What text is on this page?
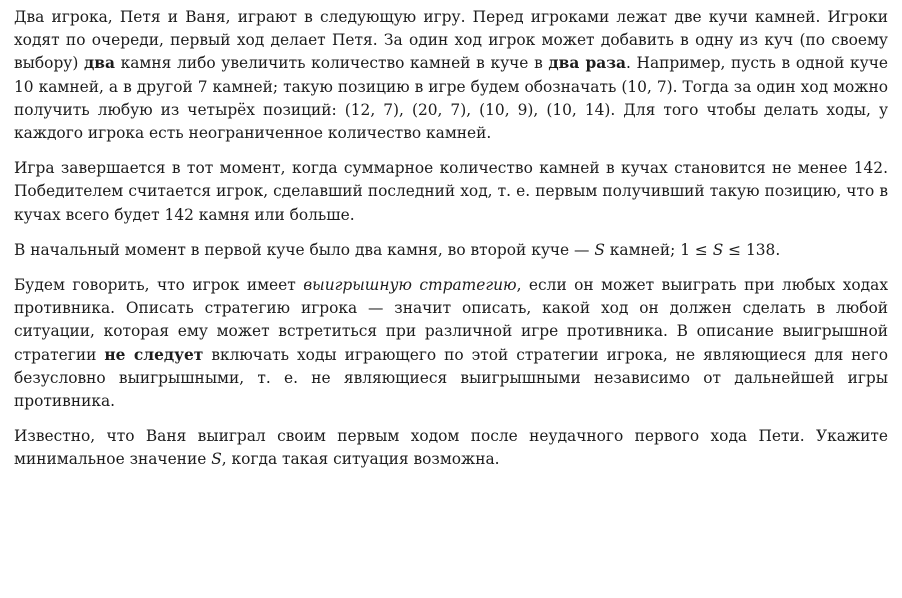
Два игрока, Петя и Ваня, играют в следующую игру. Перед игроками лежат две кучи камней. Игроки ходят по очереди, первый ход делает Петя. За один ход игрок может добавить в одну из куч (по своему выбору) два камня либо увеличить количество камней в куче в два раза. Например, пусть в одной куче 10 камней, а в другой 7 камней; такую позицию в игре будем обозначать (10, 7). Тогда за один ход можно получить любую из четырёх позиций: (12, 7), (20, 7), (10, 9), (10, 14). Для того чтобы делать ходы, у каждого игрока есть неограниченное количество камней.

Игра завершается в тот момент, когда суммарное количество камней в кучах становится не менее 142. Победителем считается игрок, сделавший последний ход, т. е. первым получивший такую позицию, что в кучах всего будет 142 камня или больше.

В начальный момент в первой куче было два камня, во второй куче — S камней; 1 ≤ S ≤ 138.

Будем говорить, что игрок имеет выигрышную стратегию, если он может выиграть при любых ходах противника. Описать стратегию игрока — значит описать, какой ход он должен сделать в любой ситуации, которая ему может встретиться при различной игре противника. В описание выигрышной стратегии не следует включать ходы играющего по этой стратегии игрока, не являющиеся для него безусловно выигрышными, т. е. не являющиеся выигрышными независимо от дальнейшей игры противника.

Известно, что Ваня выиграл своим первым ходом после неудачного первого хода Пети. Укажите минимальное значение S, когда такая ситуация возможна.
